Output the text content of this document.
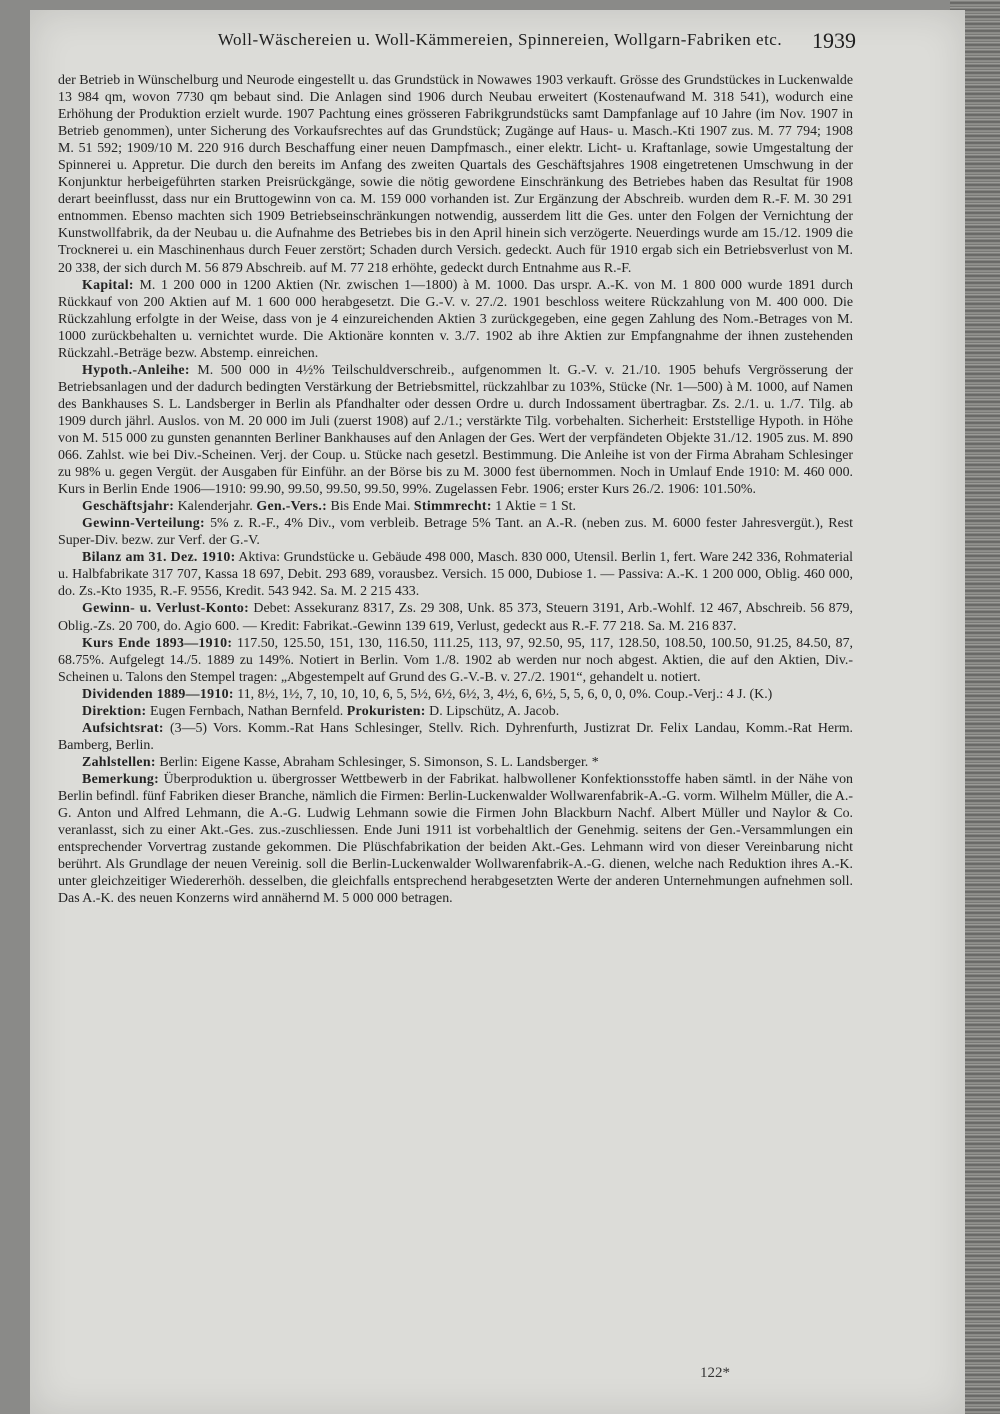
Woll-Wäschereien u. Woll-Kämmereien, Spinnereien, Wollgarn-Fabriken etc.	1939

der Betrieb in Wünschelburg und Neurode eingestellt u. das Grundstück in Nowawes 1903 verkauft. Grösse des Grundstückes in Luckenwalde 13 984 qm, wovon 7730 qm bebaut sind. Die Anlagen sind 1906 durch Neubau erweitert (Kostenaufwand M. 318 541), wodurch eine Erhöhung der Produktion erzielt wurde. 1907 Pachtung eines grösseren Fabrikgrundstücks samt Dampfanlage auf 10 Jahre (im Nov. 1907 in Betrieb genommen), unter Sicherung des Vorkaufsrechtes auf das Grundstück; Zugänge auf Haus- u. Masch.-Kti 1907 zus. M. 77 794; 1908 M. 51 592; 1909/10 M. 220 916 durch Beschaffung einer neuen Dampfmasch., einer elektr. Licht- u. Kraftanlage, sowie Umgestaltung der Spinnerei u. Appretur. Die durch den bereits im Anfang des zweiten Quartals des Geschäftsjahres 1908 eingetretenen Umschwung in der Konjunktur herbeigeführten starken Preisrückgänge, sowie die nötig gewordene Einschränkung des Betriebes haben das Resultat für 1908 derart beeinflusst, dass nur ein Bruttogewinn von ca. M. 159 000 vorhanden ist. Zur Ergänzung der Abschreib. wurden dem R.-F. M. 30 291 entnommen. Ebenso machten sich 1909 Betriebseinschränkungen notwendig, ausserdem litt die Ges. unter den Folgen der Vernichtung der Kunstwollfabrik, da der Neubau u. die Aufnahme des Betriebes bis in den April hinein sich verzögerte. Neuerdings wurde am 15./12. 1909 die Trocknerei u. ein Maschinenhaus durch Feuer zerstört; Schaden durch Versich. gedeckt. Auch für 1910 ergab sich ein Betriebsverlust von M. 20 338, der sich durch M. 56 879 Abschreib. auf M. 77 218 erhöhte, gedeckt durch Entnahme aus R.-F.

Kapital: M. 1 200 000 in 1200 Aktien (Nr. zwischen 1—1800) à M. 1000. Das urspr. A.-K. von M. 1 800 000 wurde 1891 durch Rückkauf von 200 Aktien auf M. 1 600 000 herabgesetzt. Die G.-V. v. 27./2. 1901 beschloss weitere Rückzahlung von M. 400 000. Die Rückzahlung erfolgte in der Weise, dass von je 4 einzureichenden Aktien 3 zurückgegeben, eine gegen Zahlung des Nom.-Betrages von M. 1000 zurückbehalten u. vernichtet wurde. Die Aktionäre konnten v. 3./7. 1902 ab ihre Aktien zur Empfangnahme der ihnen zustehenden Rückzahl.-Beträge bezw. Abstemp. einreichen.

Hypoth.-Anleihe: M. 500 000 in 4½% Teilschuldverschreib., aufgenommen lt. G.-V. v. 21./10. 1905 behufs Vergrösserung der Betriebsanlagen und der dadurch bedingten Verstärkung der Betriebsmittel, rückzahlbar zu 103%, Stücke (Nr. 1—500) à M. 1000, auf Namen des Bankhauses S. L. Landsberger in Berlin als Pfandhalter oder dessen Ordre u. durch Indossament übertragbar. Zs. 2./1. u. 1./7. Tilg. ab 1909 durch jährl. Auslos. von M. 20 000 im Juli (zuerst 1908) auf 2./1.; verstärkte Tilg. vorbehalten. Sicherheit: Erststellige Hypoth. in Höhe von M. 515 000 zu gunsten genannten Berliner Bankhauses auf den Anlagen der Ges. Wert der verpfändeten Objekte 31./12. 1905 zus. M. 890 066. Zahlst. wie bei Div.-Scheinen. Verj. der Coup. u. Stücke nach gesetzl. Bestimmung. Die Anleihe ist von der Firma Abraham Schlesinger zu 98% u. gegen Vergüt. der Ausgaben für Einführ. an der Börse bis zu M. 3000 fest übernommen. Noch in Umlauf Ende 1910: M. 460 000. Kurs in Berlin Ende 1906—1910: 99.90, 99.50, 99.50, 99.50, 99%. Zugelassen Febr. 1906; erster Kurs 26./2. 1906: 101.50%.

Geschäftsjahr: Kalenderjahr. Gen.-Vers.: Bis Ende Mai. Stimmrecht: 1 Aktie = 1 St.

Gewinn-Verteilung: 5% z. R.-F., 4% Div., vom verbleib. Betrage 5% Tant. an A.-R. (neben zus. M. 6000 fester Jahresvergüt.), Rest Super-Div. bezw. zur Verf. der G.-V.

Bilanz am 31. Dez. 1910: Aktiva: Grundstücke u. Gebäude 498 000, Masch. 830 000, Utensil. Berlin 1, fert. Ware 242 336, Rohmaterial u. Halbfabrikate 317 707, Kassa 18 697, Debit. 293 689, vorausbez. Versich. 15 000, Dubiose 1. — Passiva: A.-K. 1 200 000, Oblig. 460 000, do. Zs.-Kto 1935, R.-F. 9556, Kredit. 543 942. Sa. M. 2 215 433.

Gewinn- u. Verlust-Konto: Debet: Assekuranz 8317, Zs. 29 308, Unk. 85 373, Steuern 3191, Arb.-Wohlf. 12 467, Abschreib. 56 879, Oblig.-Zs. 20 700, do. Agio 600. — Kredit: Fabrikat.-Gewinn 139 619, Verlust, gedeckt aus R.-F. 77 218. Sa. M. 216 837.

Kurs Ende 1893—1910: 117.50, 125.50, 151, 130, 116.50, 111.25, 113, 97, 92.50, 95, 117, 128.50, 108.50, 100.50, 91.25, 84.50, 87, 68.75%. Aufgelegt 14./5. 1889 zu 149%. Notiert in Berlin. Vom 1./8. 1902 ab werden nur noch abgest. Aktien, die auf den Aktien, Div.-Scheinen u. Talons den Stempel tragen: „Abgestempelt auf Grund des G.-V.-B. v. 27./2. 1901“, gehandelt u. notiert.

Dividenden 1889—1910: 11, 8½, 1½, 7, 10, 10, 10, 6, 5, 5½, 6½, 6½, 3, 4½, 6, 6½, 5, 5, 6, 0, 0, 0%. Coup.-Verj.: 4 J. (K.)

Direktion: Eugen Fernbach, Nathan Bernfeld. Prokuristen: D. Lipschütz, A. Jacob.

Aufsichtsrat: (3—5) Vors. Komm.-Rat Hans Schlesinger, Stellv. Rich. Dyhrenfurth, Justizrat Dr. Felix Landau, Komm.-Rat Herm. Bamberg, Berlin.

Zahlstellen: Berlin: Eigene Kasse, Abraham Schlesinger, S. Simonson, S. L. Landsberger. *

Bemerkung: Überproduktion u. übergrosser Wettbewerb in der Fabrikat. halbwollener Konfektionsstoffe haben sämtl. in der Nähe von Berlin befindl. fünf Fabriken dieser Branche, nämlich die Firmen: Berlin-Luckenwalder Wollwarenfabrik-A.-G. vorm. Wilhelm Müller, die A.-G. Anton und Alfred Lehmann, die A.-G. Ludwig Lehmann sowie die Firmen John Blackburn Nachf. Albert Müller und Naylor & Co. veranlasst, sich zu einer Akt.-Ges. zus.-zuschliessen. Ende Juni 1911 ist vorbehaltlich der Genehmig. seitens der Gen.-Versammlungen ein entsprechender Vorvertrag zustande gekommen. Die Plüschfabrikation der beiden Akt.-Ges. Lehmann wird von dieser Vereinbarung nicht berührt. Als Grundlage der neuen Vereinig. soll die Berlin-Luckenwalder Wollwarenfabrik-A.-G. dienen, welche nach Reduktion ihres A.-K. unter gleichzeitiger Wiedererhöh. desselben, die gleichfalls entsprechend herabgesetzten Werte der anderen Unternehmungen aufnehmen soll. Das A.-K. des neuen Konzerns wird annähernd M. 5 000 000 betragen.

122*
